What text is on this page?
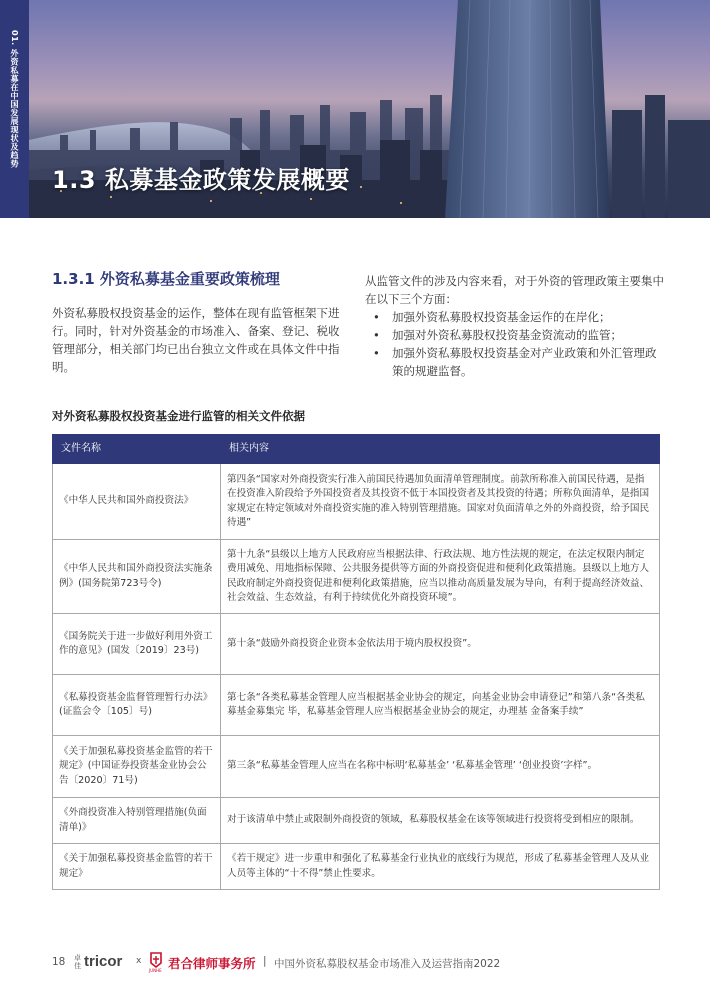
01. 外资私募在中国发展现状及趋势
1.3 私募基金政策发展概要
1.3.1 外资私募基金重要政策梳理
外资私募股权投资基金的运作，整体在现有监管框架下进行。同时，针对外资基金的市场准入、备案、登记、税收管理部分，相关部门均已出台独立文件或在具体文件中指明。
从监管文件的涉及内容来看，对于外资的管理政策主要集中在以下三个方面：
• 加强外资私募股权投资基金运作的在岸化；
• 加强对外资私募股权投资基金资流动的监管；
• 加强外资私募股权投资基金对产业政策和外汇管理政策的规避监督。
对外资私募股权投资基金进行监管的相关文件依据
文件名称	相关内容
《中华人民共和国外商投资法》	第四条“国家对外商投资实行准入前国民待遇加负面清单管理制度。前款所称准入前国民待遇，是指在投资准入阶段给予外国投资者及其投资不低于本国投资者及其投资的待遇；所称负面清单，是指国家规定在特定领域对外商投资实施的准入特别管理措施。国家对负面清单之外的外商投资，给予国民待遇”
《中华人民共和国外商投资法实施条例》(国务院第723号令)	第十九条“县级以上地方人民政府应当根据法律、行政法规、地方性法规的规定，在法定权限内制定费用减免、用地指标保障、公共服务提供等方面的外商投资促进和便利化政策措施。县级以上地方人民政府制定外商投资促进和便利化政策措施，应当以推动高质量发展为导向，有利于提高经济效益、社会效益、生态效益，有利于持续优化外商投资环境”。
《国务院关于进一步做好利用外资工作的意见》(国发〔2019〕23号)	第十条“鼓励外商投资企业资本金依法用于境内股权投资”。
《私募投资基金监督管理暂行办法》(证监会令〔105〕号)	第七条“各类私募基金管理人应当根据基金业协会的规定，向基金业协会申请登记”和第八条“各类私募基金募集完 毕，私募基金管理人应当根据基金业协会的规定，办理基 金备案手续”
《关于加强私募投资基金监管的若干规定》(中国证券投资基金业协会公告〔2020〕71号)	第三条“私募基金管理人应当在名称中标明‘私募基金’ ‘私募基金管理’ ‘创业投资’字样”。
《外商投资准入特别管理措施(负面清单)》	对于该清单中禁止或限制外商投资的领域，私募股权基金在该等领域进行投资将受到相应的限制。
《关于加强私募投资基金监管的若干规定》	《若干规定》进一步重申和强化了私募基金行业执业的底线行为规范，形成了私募基金管理人及从业人员等主体的“十不得”禁止性要求。
18 卓佳 tricor x
JUNHE 君合律师事务所 | 中国外资私募股权基金市场准入及运营指南2022
